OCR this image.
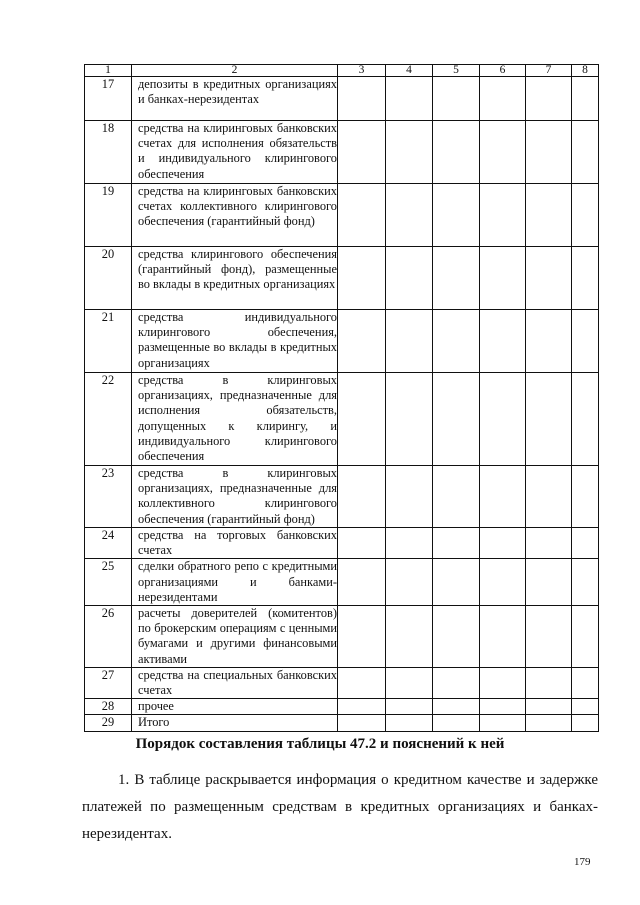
1	2	3	4	5	6	7	8
17	депозиты в кредитных организациях и банках-нерезидентах						
18	средства на клиринговых банковских счетах для исполнения обязательств и индивидуального клирингового обеспечения						
19	средства на клиринговых банковских счетах коллективного клирингового обеспечения (гарантийный фонд)						
20	средства клирингового обеспечения (гарантийный фонд), размещенные во вклады в кредитных организациях						
21	средства индивидуального клирингового обеспечения, размещенные во вклады в кредитных организациях						
22	средства в клиринговых организациях, предназначенные для исполнения обязательств, допущенных к клирингу, и индивидуального клирингового обеспечения						
23	средства в клиринговых организациях, предназначенные для коллективного клирингового обеспечения (гарантийный фонд)						
24	средства на торговых банковских счетах						
25	сделки обратного репо с кредитными организациями и банками-нерезидентами						
26	расчеты доверителей (комитентов) по брокерским операциям с ценными бумагами и другими финансовыми активами						
27	средства на специальных банковских счетах						
28	прочее						
29	Итого						
Порядок составления таблицы 47.2 и пояснений к ней

1. В таблице раскрывается информация о кредитном качестве и задержке платежей по размещенным средствам в кредитных организациях и банках-нерезидентах.

179
